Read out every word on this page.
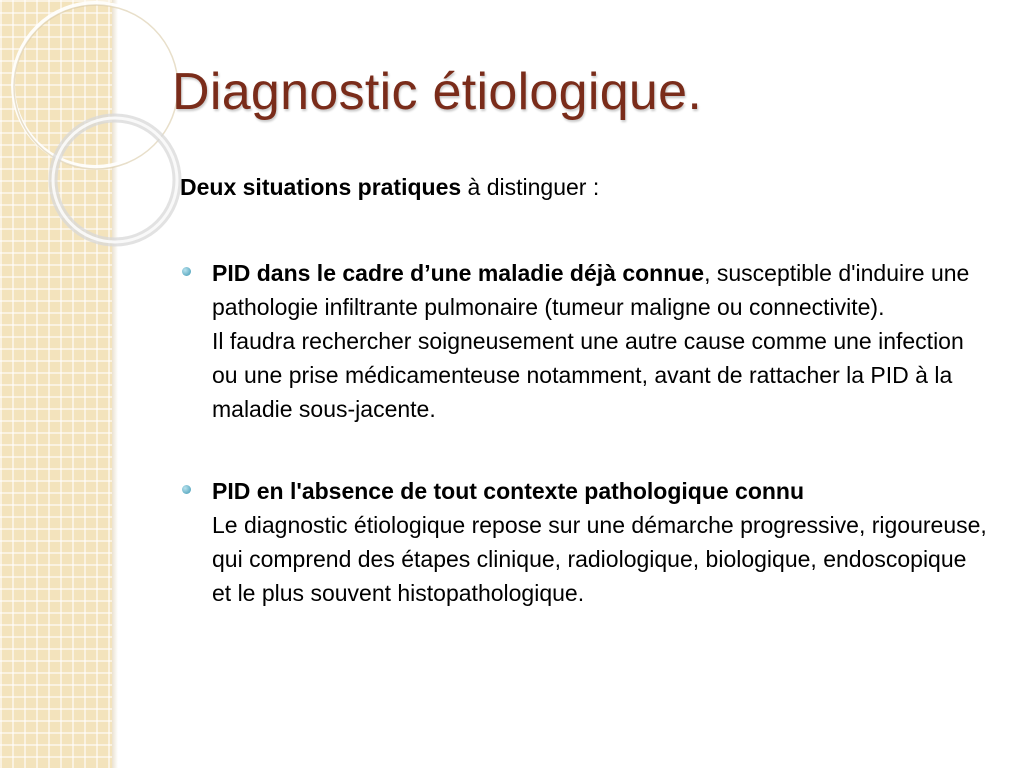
Diagnostic étiologique.

Deux situations pratiques à distinguer :

PID dans le cadre d’une maladie déjà connue, susceptible d'induire une pathologie infiltrante pulmonaire (tumeur maligne ou connectivite).
Il faudra rechercher soigneusement une autre cause comme une infection ou une prise médicamenteuse notamment, avant de rattacher la PID à la maladie sous-jacente.
PID en l'absence de tout contexte pathologique connu
Le diagnostic étiologique repose sur une démarche progressive, rigoureuse, qui comprend des étapes clinique, radiologique, biologique, endoscopique et le plus souvent histopathologique.
